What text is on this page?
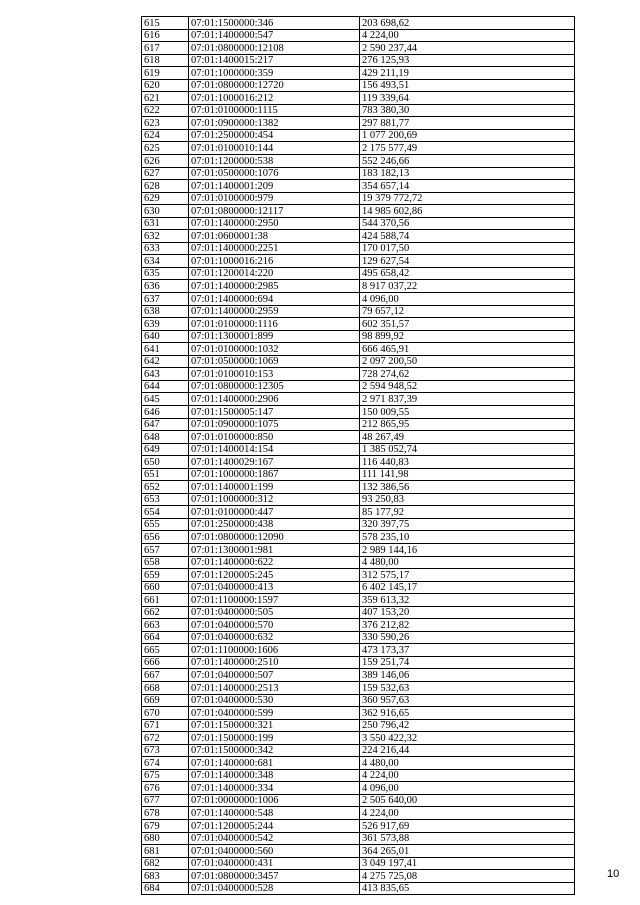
615	07:01:1500000:346	203 698,62
616	07:01:1400000:547	4 224,00
617	07:01:0800000:12108	2 590 237,44
618	07:01:1400015:217	276 125,93
619	07:01:1000000:359	429 211,19
620	07:01:0800000:12720	156 493,51
621	07:01:1000016:212	119 339,64
622	07:01:0100000:1115	783 380,30
623	07:01:0900000:1382	297 881,77
624	07:01:2500000:454	1 077 200,69
625	07:01:0100010:144	2 175 577,49
626	07:01:1200000:538	552 246,66
627	07:01:0500000:1076	183 182,13
628	07:01:1400001:209	354 657,14
629	07:01:0100000:979	19 379 772,72
630	07:01:0800000:12117	14 985 602,86
631	07:01:1400000:2950	544 370,56
632	07:01:0600001:38	424 588,74
633	07:01:1400000:2251	170 017,50
634	07:01:1000016:216	129 627,54
635	07:01:1200014:220	495 658,42
636	07:01:1400000:2985	8 917 037,22
637	07:01:1400000:694	4 096,00
638	07:01:1400000:2959	79 657,12
639	07:01:0100000:1116	602 351,57
640	07:01:1300001:899	98 899,92
641	07:01:0100000:1032	666 465,91
642	07:01:0500000:1069	2 097 200,50
643	07:01:0100010:153	728 274,62
644	07:01:0800000:12305	2 594 948,52
645	07:01:1400000:2906	2 971 837,39
646	07:01:1500005:147	150 009,55
647	07:01:0900000:1075	212 865,95
648	07:01:0100000:850	48 267,49
649	07:01:1400014:154	1 385 052,74
650	07:01:1400029:167	116 440,83
651	07:01:1000000:1867	111 141,98
652	07:01:1400001:199	132 386,56
653	07:01:1000000:312	93 250,83
654	07:01:0100000:447	85 177,92
655	07:01:2500000:438	320 397,75
656	07:01:0800000:12090	578 235,10
657	07:01:1300001:981	2 989 144,16
658	07:01:1400000:622	4 480,00
659	07:01:1200005:245	312 575,17
660	07:01:0400000:413	6 402 145,17
661	07:01:1100000:1597	359 613,32
662	07:01:0400000:505	407 153,20
663	07:01:0400000:570	376 212,82
664	07:01:0400000:632	330 590,26
665	07:01:1100000:1606	473 173,37
666	07:01:1400000:2510	159 251,74
667	07:01:0400000:507	389 146,06
668	07:01:1400000:2513	159 532,63
669	07:01:0400000:530	360 957,63
670	07:01:0400000:599	362 916,65
671	07:01:1500000:321	250 796,42
672	07:01:1500000:199	3 550 422,32
673	07:01:1500000:342	224 216,44
674	07:01:1400000:681	4 480,00
675	07:01:1400000:348	4 224,00
676	07:01:1400000:334	4 096,00
677	07:01:0000000:1006	2 505 640,00
678	07:01:1400000:548	4 224,00
679	07:01:1200005:244	526 917,69
680	07:01:0400000:542	361 573,88
681	07:01:0400000:560	364 265,01
682	07:01:0400000:431	3 049 197,41
683	07:01:0800000:3457	4 275 725,08
684	07:01:0400000:528	413 835,65
10
